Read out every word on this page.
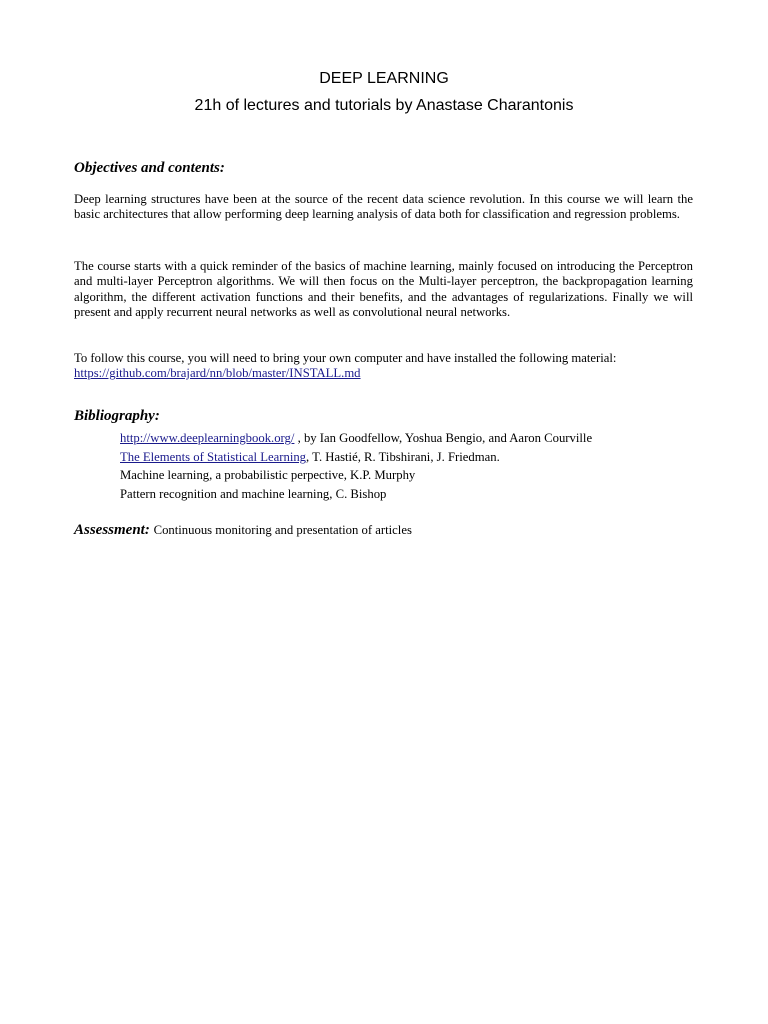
DEEP LEARNING
21h of lectures and tutorials by Anastase Charantonis
Objectives and contents:

Deep learning structures have been at the source of the recent data science revolution. In this course we will learn the basic architectures that allow performing deep learning analysis of data both for classification and regression problems.

The course starts with a quick reminder of the basics of machine learning, mainly focused on introducing the Perceptron and multi-layer Perceptron algorithms. We will then focus on the Multi-layer perceptron, the backpropagation learning algorithm, the different activation functions and their benefits, and the advantages of regularizations. Finally we will present and apply recurrent neural networks as well as convolutional neural networks.

To follow this course, you will need to bring your own computer and have installed the following material:
https://github.com/brajard/nn/blob/master/INSTALL.md

Bibliography:
http://www.deeplearningbook.org/ , by Ian Goodfellow, Yoshua Bengio, and Aaron Courville
The Elements of Statistical Learning, T. Hastié, R. Tibshirani, J. Friedman.
Machine learning, a probabilistic perpective, K.P. Murphy
Pattern recognition and machine learning, C. Bishop
Assessment: Continuous monitoring and presentation of articles
